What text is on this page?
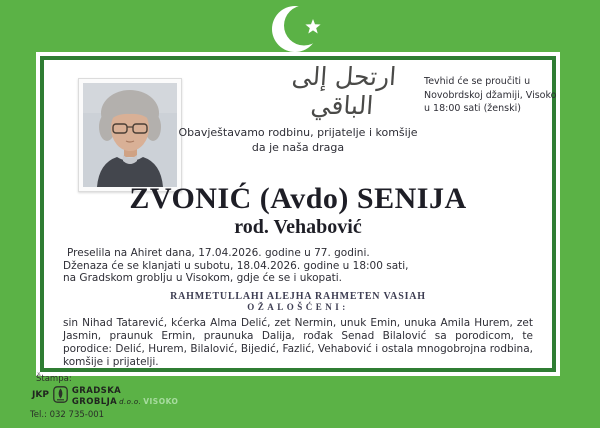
ارتحل إلى الباقي
Tevhid će se proučiti u
Novobrdskoj džamiji, Visoko
u 18:00 sati (ženski)
Obavještavamo rodbinu, prijatelje i komšije
da je naša draga
ZVONIĆ (Avdo) SENIJA
rod. Vehabović
Preselila na Ahiret dana, 17.04.2026. godine u 77. godini.
Dženaza će se klanjati u subotu, 18.04.2026. godine u 18:00 sati,
na Gradskom groblju u Visokom, gdje će se i ukopati.
RAHMETULLAHI ALEJHA RAHMETEN VASIAH
OŽALOŠĆENI:
sin Nihad Tatarević, kćerka Alma Delić, zet Nermin, unuk Emin, unuka Amila Hurem, zet Jasmin, praunuk Ermin, praunuka Dalija, rođak Senad Bilalović sa porodicom, te porodice: Delić, Hurem, Bilalović, Bijedić, Fazlić, Vehabović i ostala mnogobrojna rodbina, komšije i prijatelji.
Štampa:
JKP	GRADSKA
GROBLJA d.o.o. VISOKO
Tel.: 032 735-001
